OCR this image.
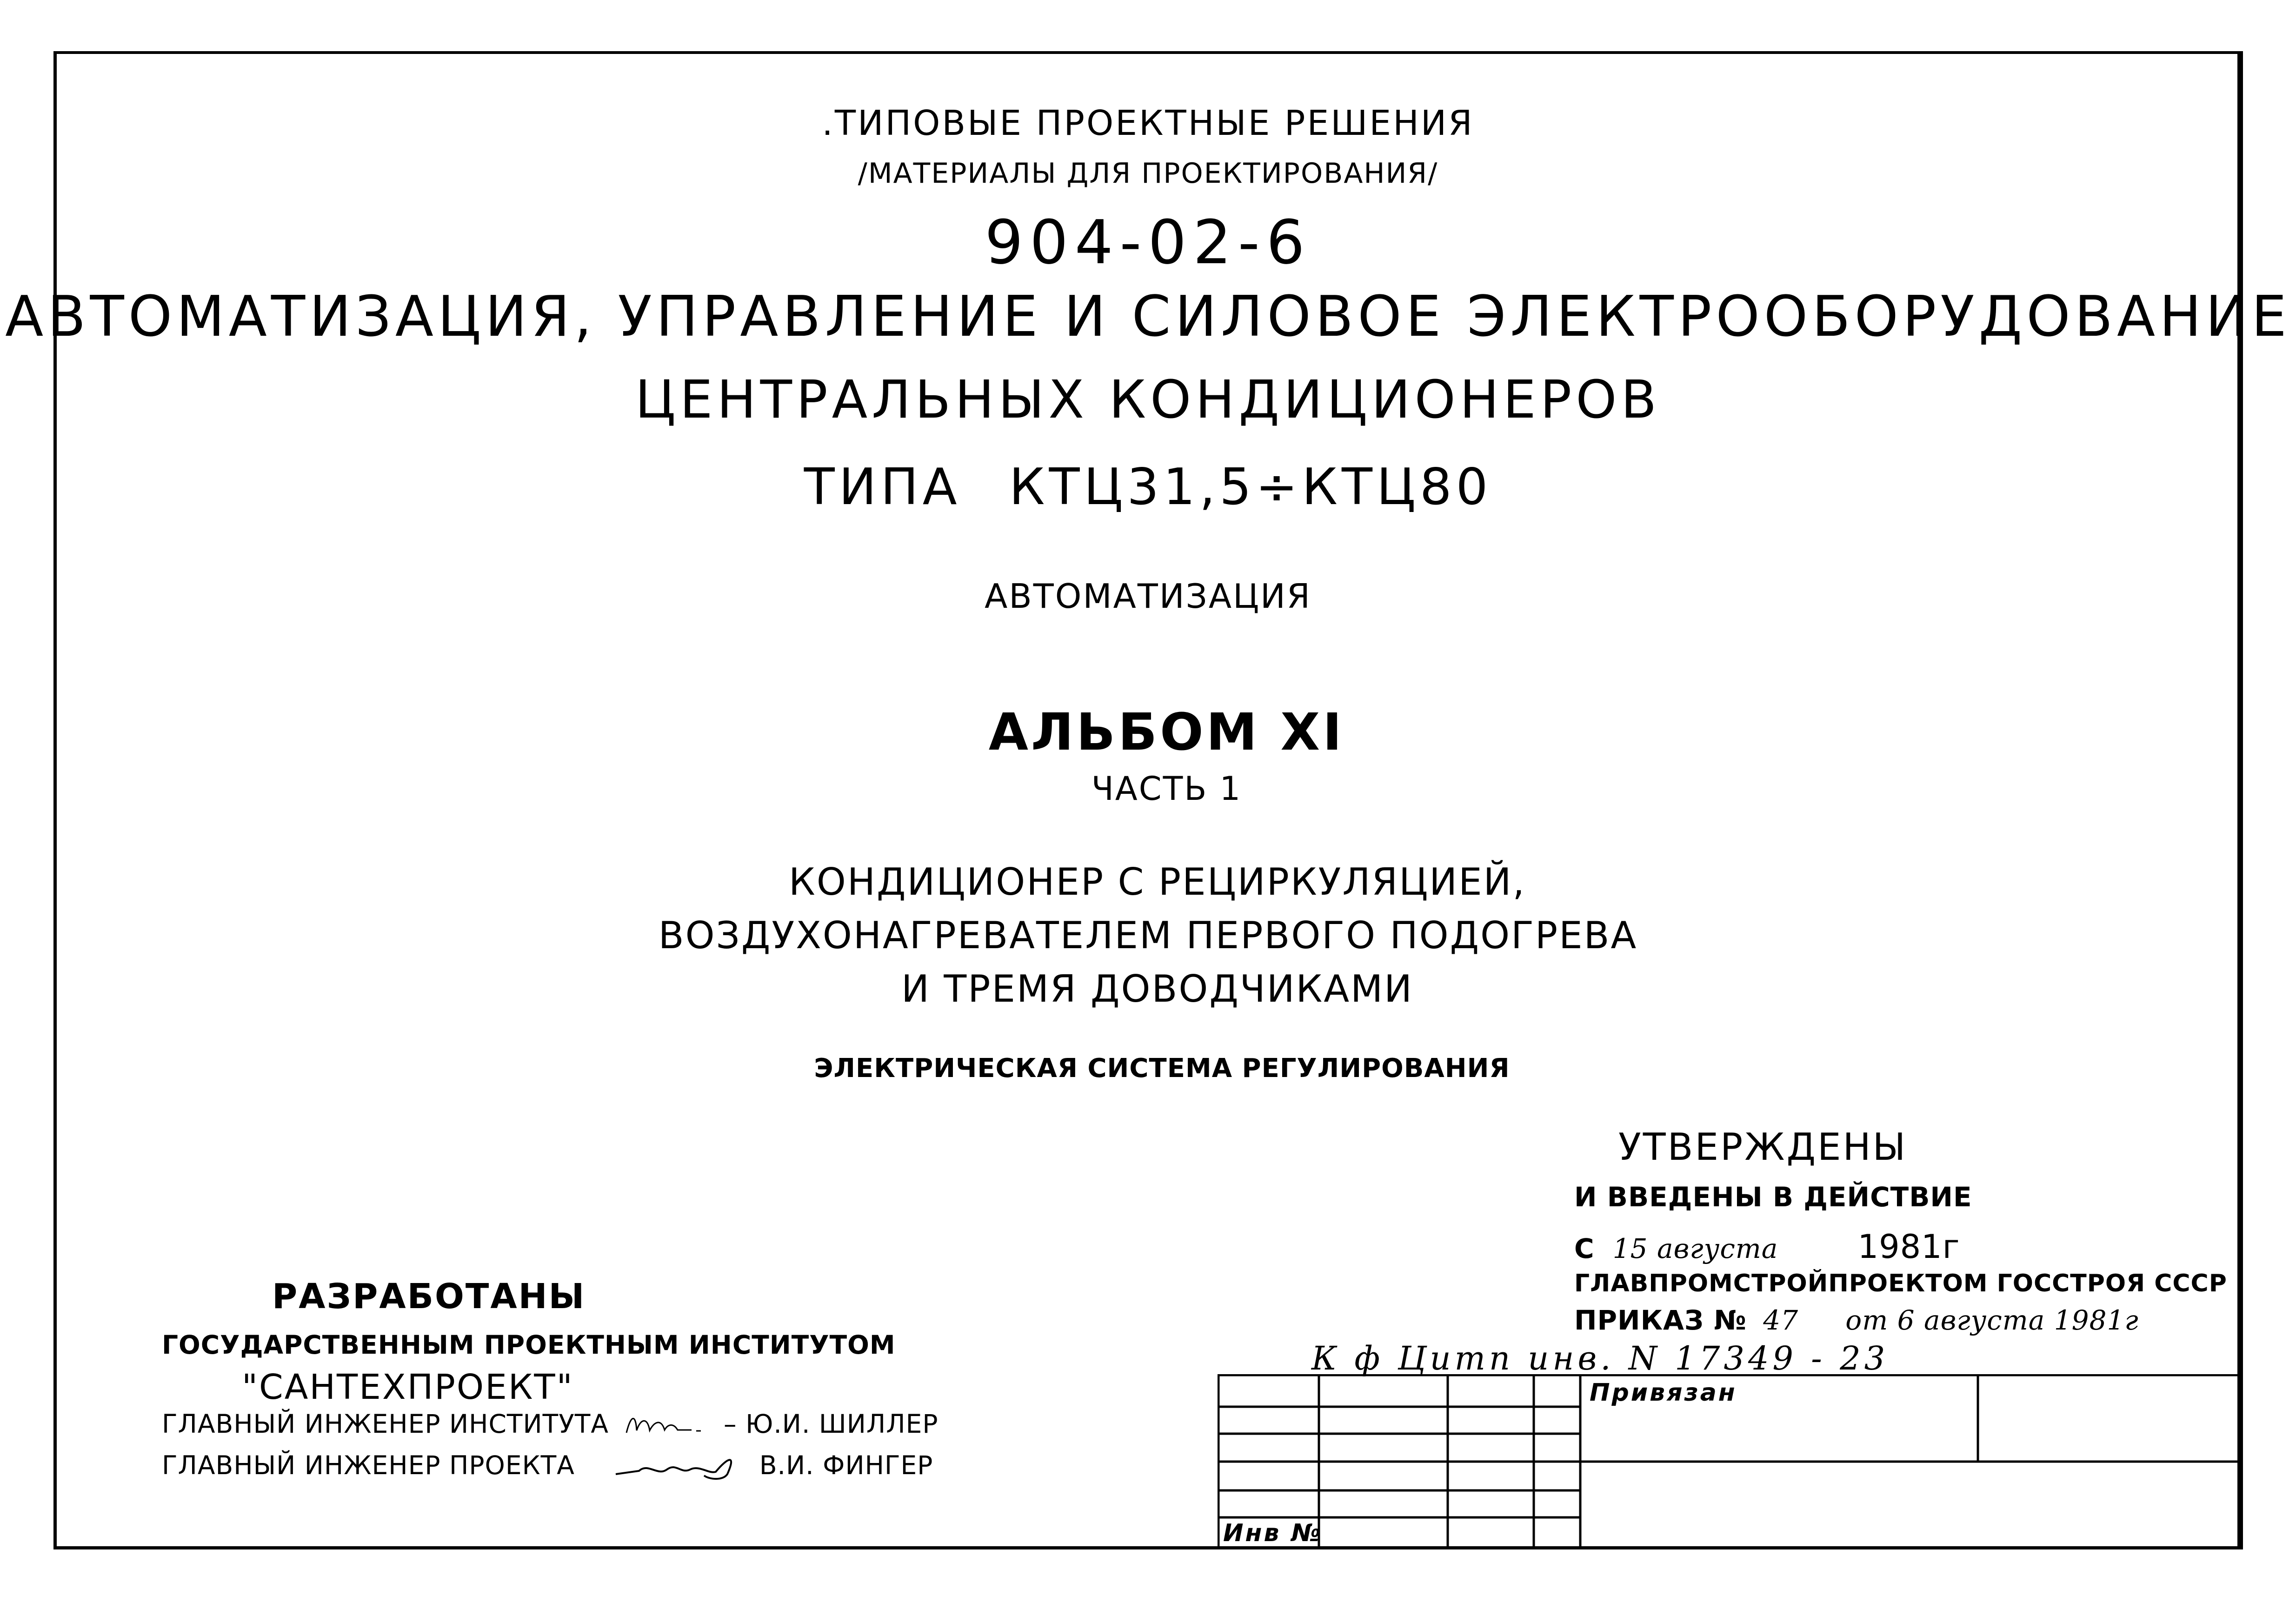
.ТИПОВЫЕ ПРОЕКТНЫЕ РЕШЕНИЯ
/МАТЕРИАЛЫ ДЛЯ ПРОЕКТИРОВАНИЯ/
904-02-6
АВТОМАТИЗАЦИЯ, УПРАВЛЕНИЕ И СИЛОВОЕ ЭЛЕКТРООБОРУДОВАНИЕ
ЦЕНТРАЛЬНЫХ КОНДИЦИОНЕРОВ
ТИПА КТЦ31,5÷КТЦ80
АВТОМАТИЗАЦИЯ
АЛЬБОМ XI
ЧАСТЬ 1
КОНДИЦИОНЕР С РЕЦИРКУЛЯЦИЕЙ,
ВОЗДУХОНАГРЕВАТЕЛЕМ ПЕРВОГО ПОДОГРЕВА
И ТРЕМЯ ДОВОДЧИКАМИ
ЭЛЕКТРИЧЕСКАЯ СИСТЕМА РЕГУЛИРОВАНИЯ
УТВЕРЖДЕНЫ
И ВВЕДЕНЫ В ДЕЙСТВИЕ
С 15 августа 1981г
ГЛАВПРОМСТРОЙПРОЕКТОМ ГОССТРОЯ СССР
ПРИКАЗ № 47 от 6 августа 1981г
РАЗРАБОТАНЫ
ГОСУДАРСТВЕННЫМ ПРОЕКТНЫМ ИНСТИТУТОМ
"САНТЕХПРОЕКТ"
ГЛАВНЫЙ ИНЖЕНЕР ИНСТИТУТА	– Ю.И. ШИЛЛЕР
ГЛАВНЫЙ ИНЖЕНЕР ПРОЕКТА	В.И. ФИНГЕР
К ф Цитп инв. N 17349 - 23
Привязан
Инв №
